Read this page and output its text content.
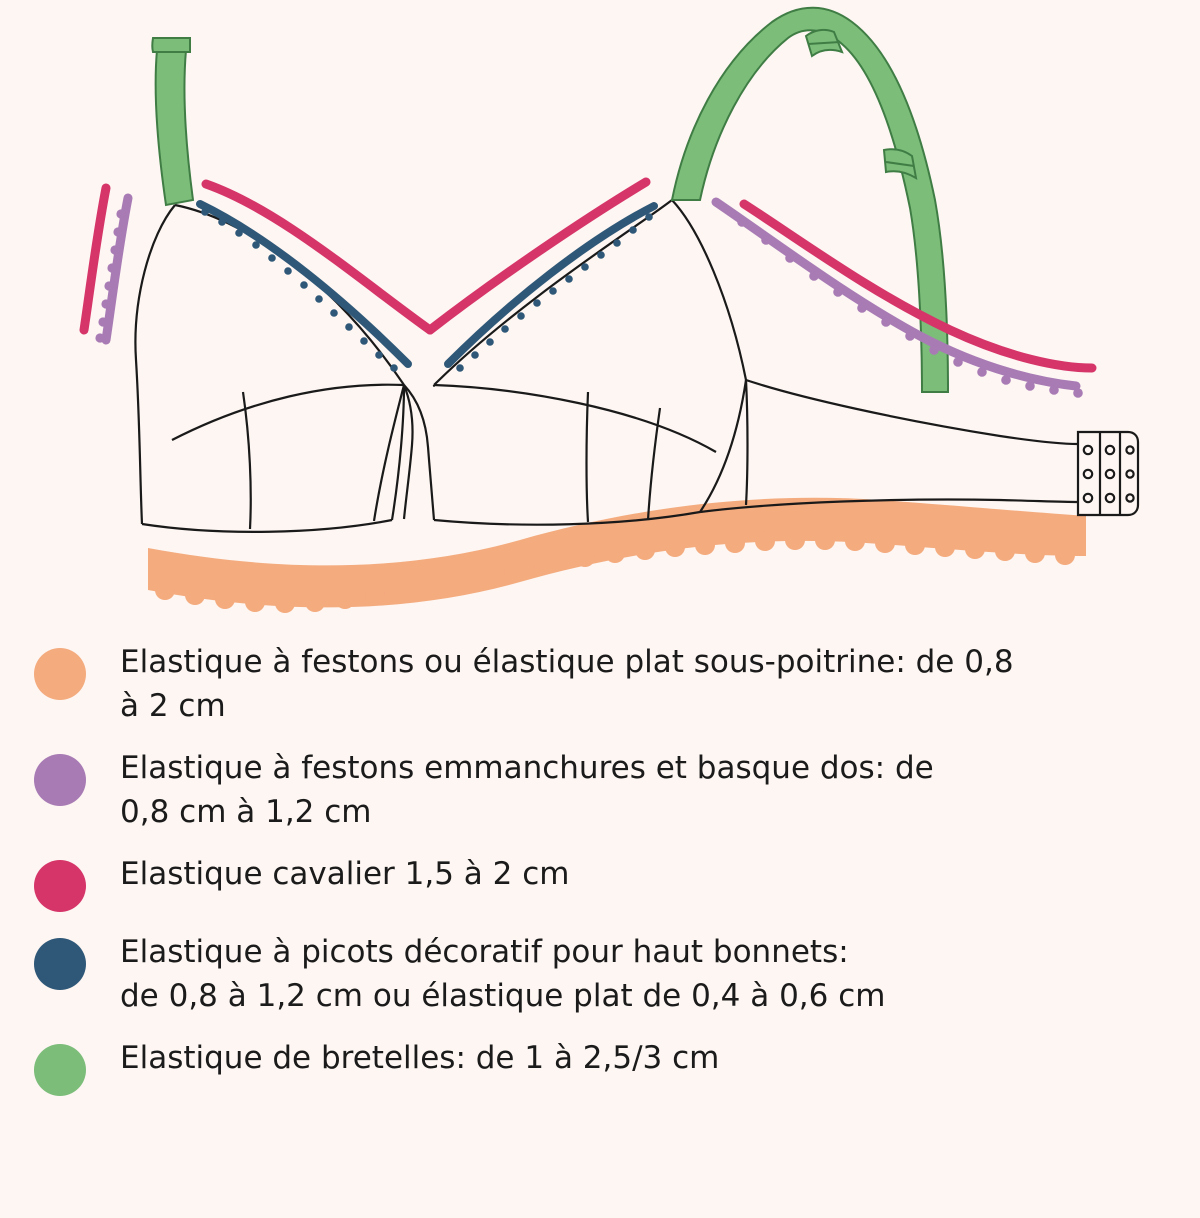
Elastique à festons ou élastique plat sous-poitrine: de 0,8
à 2 cm
Elastique à festons emmanchures et basque dos: de
0,8 cm à 1,2 cm
Elastique cavalier 1,5 à 2 cm
Elastique à picots décoratif pour haut bonnets:
de 0,8 à 1,2 cm ou élastique plat de 0,4 à 0,6 cm
Elastique de bretelles: de 1 à 2,5/3 cm
